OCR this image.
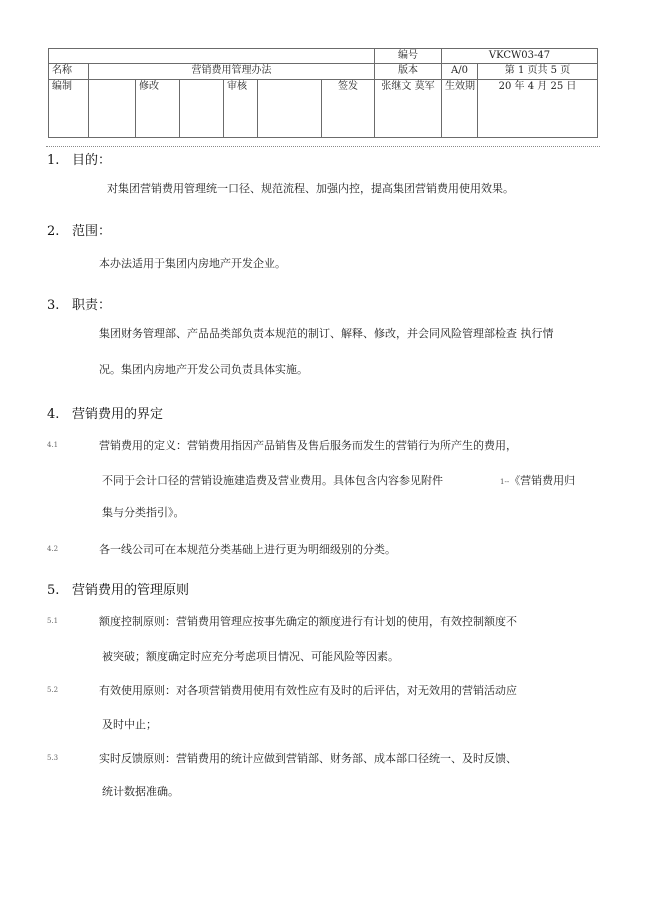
							编号	VKCW03-47	
名称	营销费用管理办法						版本	A/0	第 1 页共 5 页
编制		修改		审核		签发	张继文 莫军	生效期	20 年 4 月 25 日
1. 目的：
对集团营销费用管理统一口径、规范流程、加强内控，提高集团营销费用使用效果。
2. 范围：
本办法适用于集团内房地产开发企业。
3. 职责：
集团财务管理部、产品品类部负责本规范的制订、解释、修改，并会同风险管理部检查 执行情
况。集团内房地产开发公司负责具体实施。
4. 营销费用的界定
4.1	营销费用的定义：营销费用指因产品销售及售后服务而发生的营销行为所产生的费用，
不同于会计口径的营销设施建造费及营业费用。具体包含内容参见附件	1--《营销费用归
集与分类指引》。
4.2	各一线公司可在本规范分类基础上进行更为明细级别的分类。
5. 营销费用的管理原则
5.1	额度控制原则：营销费用管理应按事先确定的额度进行有计划的使用，有效控制额度不
被突破；额度确定时应充分考虑项目情况、可能风险等因素。
5.2	有效使用原则：对各项营销费用使用有效性应有及时的后评估，对无效用的营销活动应
及时中止；
5.3	实时反馈原则：营销费用的统计应做到营销部、财务部、成本部口径统一、及时反馈、
统计数据准确。
